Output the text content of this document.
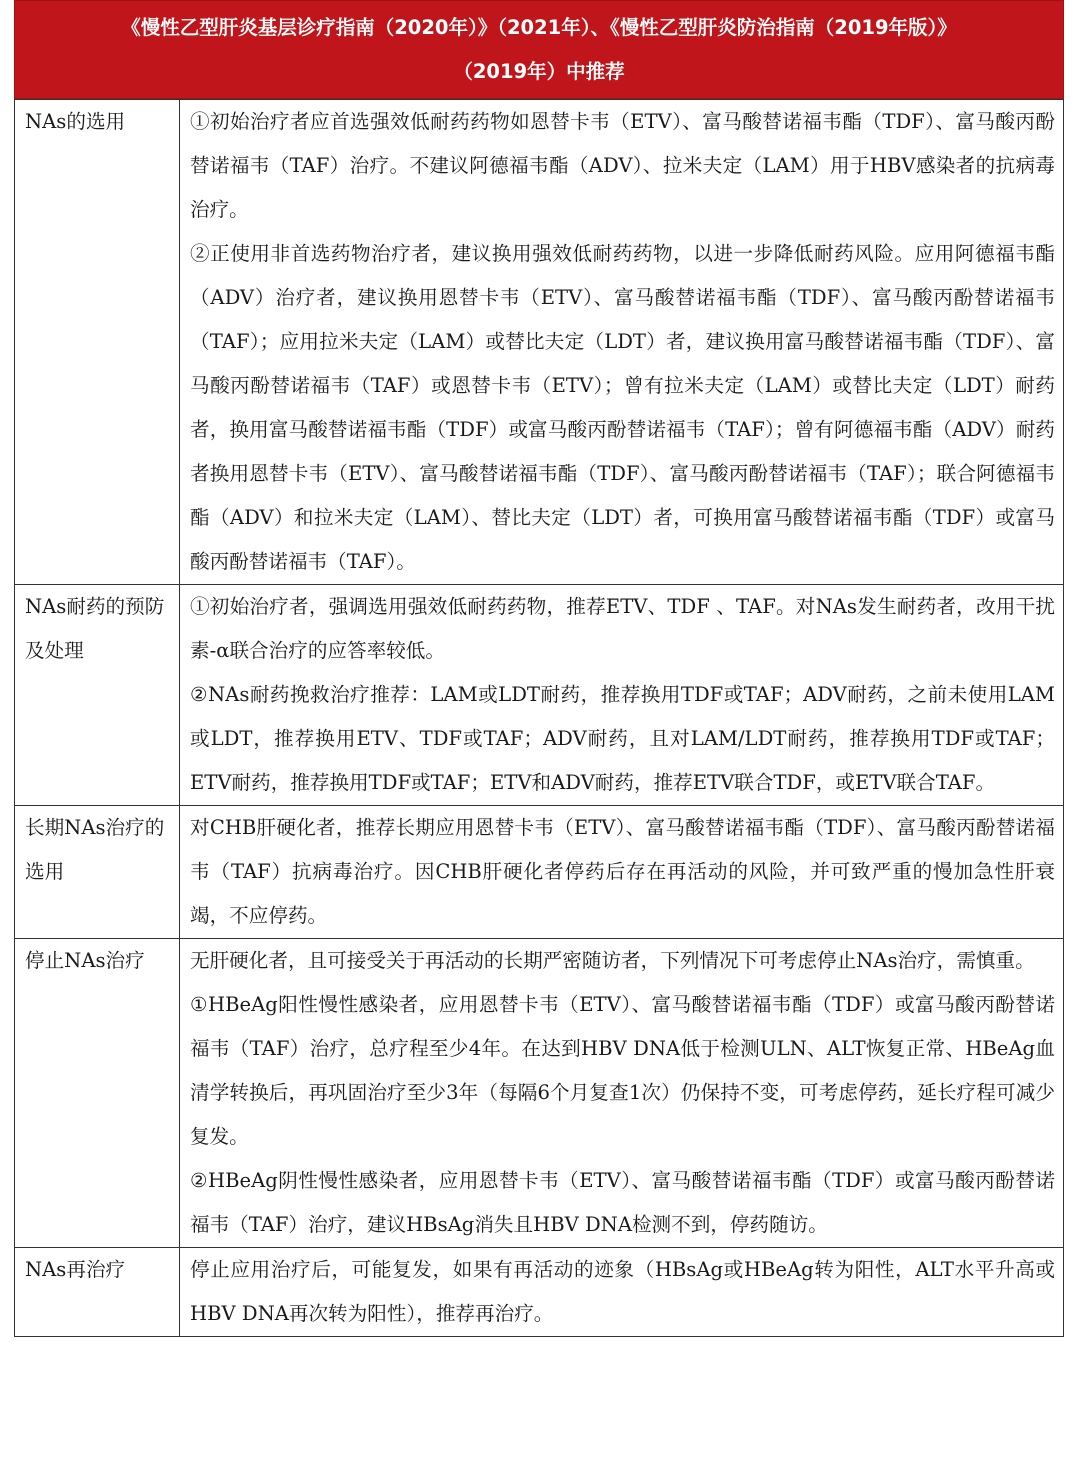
《慢性乙型肝炎基层诊疗指南（2020年）》（2021年）、《慢性乙型肝炎防治指南（2019年版）》
（2019年）中推荐
NAs的选用	①初始治疗者应首选强效低耐药药物如恩替卡韦（ETV）、富马酸替诺福韦酯（TDF）、富马酸丙酚替诺福韦（TAF）治疗。不建议阿德福韦酯（ADV）、拉米夫定（LAM）用于HBV感染者的抗病毒治疗。

②正使用非首选药物治疗者，建议换用强效低耐药药物，以进一步降低耐药风险。应用阿德福韦酯（ADV）治疗者，建议换用恩替卡韦（ETV）、富马酸替诺福韦酯（TDF）、富马酸丙酚替诺福韦（TAF）；应用拉米夫定（LAM）或替比夫定（LDT）者，建议换用富马酸替诺福韦酯（TDF）、富马酸丙酚替诺福韦（TAF）或恩替卡韦（ETV）；曾有拉米夫定（LAM）或替比夫定（LDT）耐药者，换用富马酸替诺福韦酯（TDF）或富马酸丙酚替诺福韦（TAF）；曾有阿德福韦酯（ADV）耐药者换用恩替卡韦（ETV）、富马酸替诺福韦酯（TDF）、富马酸丙酚替诺福韦（TAF）；联合阿德福韦酯（ADV）和拉米夫定（LAM）、替比夫定（LDT）者，可换用富马酸替诺福韦酯（TDF）或富马酸丙酚替诺福韦（TAF）。

NAs耐药的预防及处理	①初始治疗者，强调选用强效低耐药药物，推荐ETV、TDF 、TAF。对NAs发生耐药者，改用干扰素-α联合治疗的应答率较低。

②NAs耐药挽救治疗推荐：LAM或LDT耐药，推荐换用TDF或TAF；ADV耐药，之前未使用LAM或LDT，推荐换用ETV、TDF或TAF；ADV耐药，且对LAM/LDT耐药，推荐换用TDF或TAF；ETV耐药，推荐换用TDF或TAF；ETV和ADV耐药，推荐ETV联合TDF，或ETV联合TAF。

长期NAs治疗的选用	对CHB肝硬化者，推荐长期应用恩替卡韦（ETV）、富马酸替诺福韦酯（TDF）、富马酸丙酚替诺福韦（TAF）抗病毒治疗。因CHB肝硬化者停药后存在再活动的风险，并可致严重的慢加急性肝衰竭，不应停药。

停止NAs治疗	无肝硬化者，且可接受关于再活动的长期严密随访者，下列情况下可考虑停止NAs治疗，需慎重。

①HBeAg阳性慢性感染者，应用恩替卡韦（ETV）、富马酸替诺福韦酯（TDF）或富马酸丙酚替诺福韦（TAF）治疗，总疗程至少4年。在达到HBV DNA低于检测ULN、ALT恢复正常、HBeAg血清学转换后，再巩固治疗至少3年（每隔6个月复查1次）仍保持不变，可考虑停药，延长疗程可减少复发。

②HBeAg阴性慢性感染者，应用恩替卡韦（ETV）、富马酸替诺福韦酯（TDF）或富马酸丙酚替诺福韦（TAF）治疗，建议HBsAg消失且HBV DNA检测不到，停药随访。

NAs再治疗	停止应用治疗后，可能复发，如果有再活动的迹象（HBsAg或HBeAg转为阳性，ALT水平升高或HBV DNA再次转为阳性），推荐再治疗。
